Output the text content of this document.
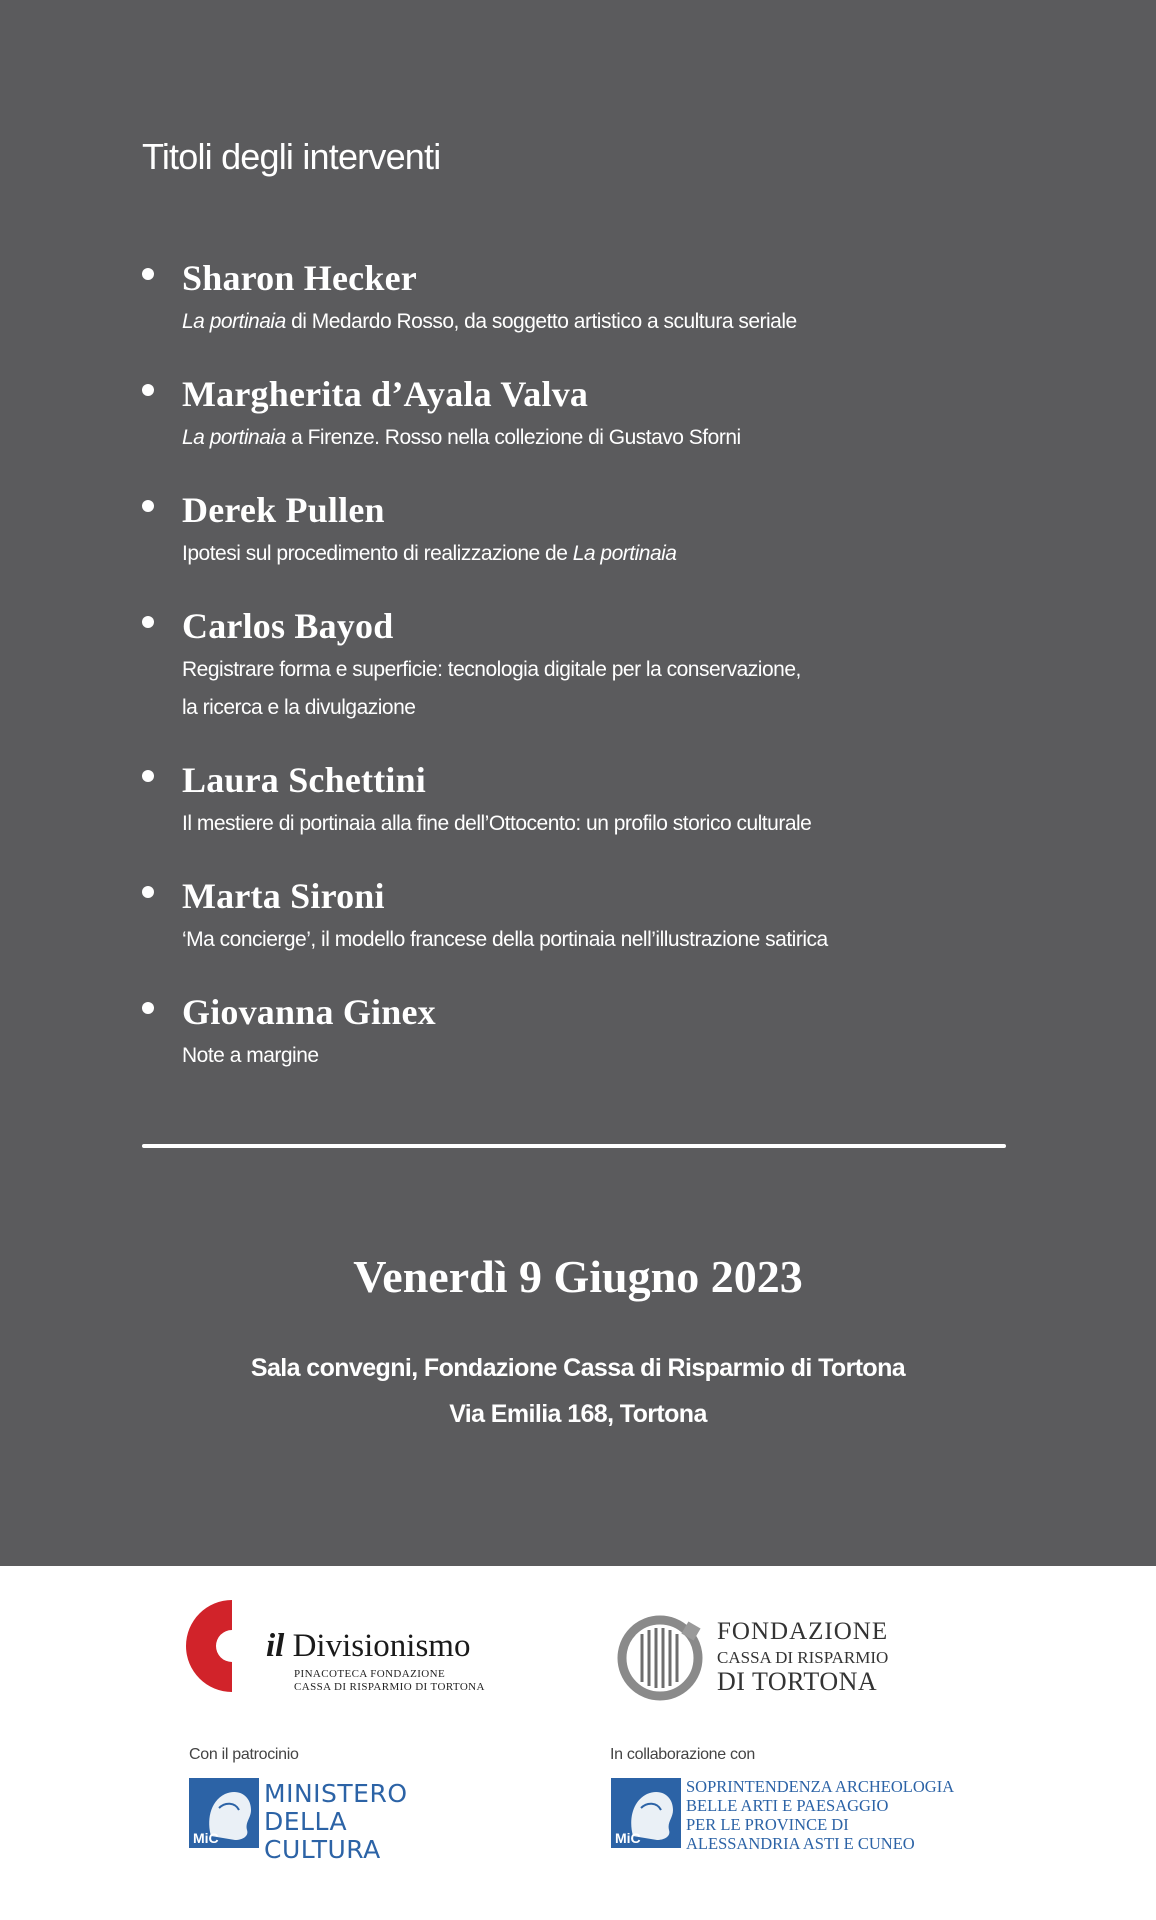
Titoli degli interventi
Sharon Hecker
La portinaia di Medardo Rosso, da soggetto artistico a scultura seriale
Margherita d’Ayala Valva
La portinaia a Firenze. Rosso nella collezione di Gustavo Sforni
Derek Pullen
Ipotesi sul procedimento di realizzazione de La portinaia
Carlos Bayod
Registrare forma e superficie: tecnologia digitale per la conservazione,
la ricerca e la divulgazione
Laura Schettini
Il mestiere di portinaia alla fine dell’Ottocento: un profilo storico culturale
Marta Sironi
‘Ma concierge’, il modello francese della portinaia nell’illustrazione satirica
Giovanna Ginex
Note a margine
Venerdì 9 Giugno 2023
Sala convegni, Fondazione Cassa di Risparmio di Tortona
Via Emilia 168, Tortona
il Divisionismo
PINACOTECA FONDAZIONE
CASSA DI RISPARMIO DI TORTONA
FONDAZIONE
CASSA DI RISPARMIO
DI TORTONA
Con il patrocinio	In collaborazione con
MiC
MINISTERO
DELLA
CULTURA	MiC
SOPRINTENDENZA ARCHEOLOGIA
BELLE ARTI E PAESAGGIO
PER LE PROVINCE DI
ALESSANDRIA ASTI E CUNEO
